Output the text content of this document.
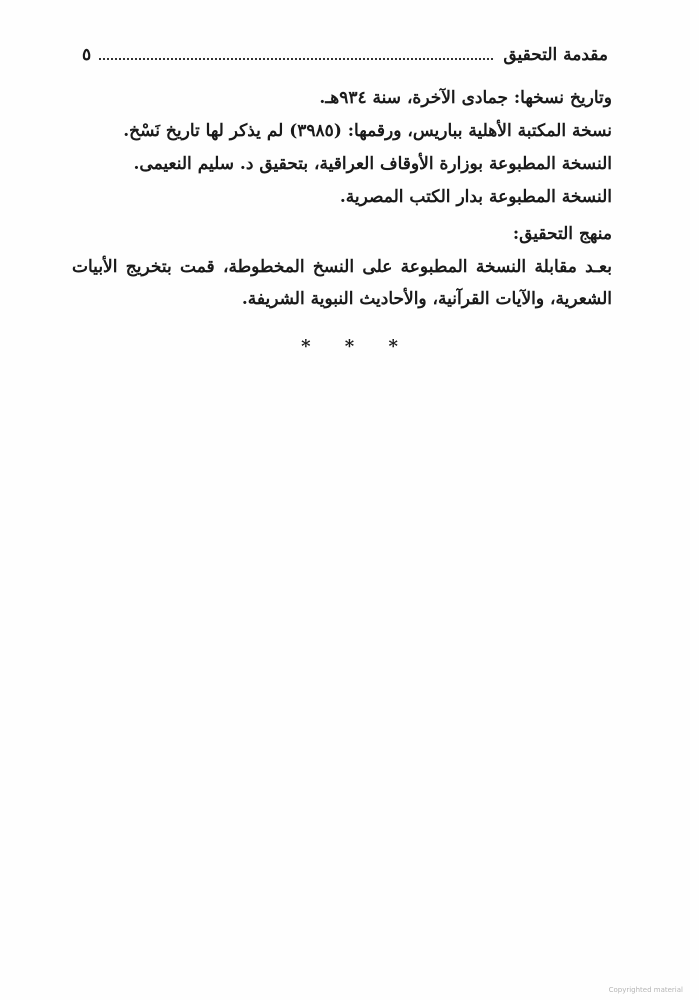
مقدمة التحقيق
٥
وتاريخ نسخها: جمادى الآخرة، سنة ٩٣٤هـ.
نسخة المكتبة الأهلية بباريس، ورقمها: (٣٩٨٥) لم يذكر لها تاريخ نَسْخ.
النسخة المطبوعة بوزارة الأوقاف العراقية، بتحقيق د. سليم النعيمى.
النسخة المطبوعة بدار الكتب المصرية.
منهج التحقيق:
بعـد مقابلة النسخة المطبوعة على النسخ المخطوطة، قمت بتخريج الأبيات الشعرية، والآيات القرآنية، والأحاديث النبوية الشريفة.
* * *
Copyrighted material
